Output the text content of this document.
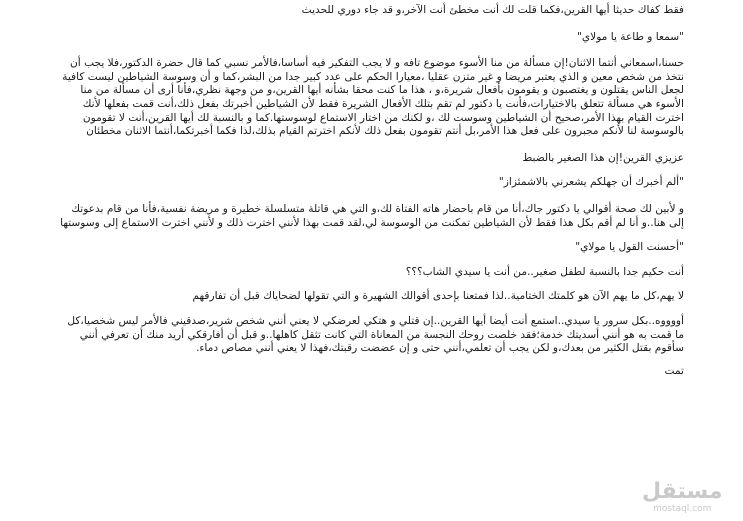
فقط كفاك حديثا أيها القرين،فكما قلت لك أنت مخطئ أنت الآخر،و قد جاء دوري للحديث

"سمعا و طاعة يا مولاي"

حسنا،اسمعاني أنتما الاثنان!إن مسألة من منا الأسوء موضوع تافه و لا يجب التفكير فيه أساسا،فالأمر نسبي كما قال حضرة الدكتور،فلا يجب أن نتخذ من شخص معين و الذي يعتبر مريضا و غير متزن عقليا ،معيارا الحكم على عدد كبير جدا من البشر،كما و أن وسوسة الشياطين ليست كافية لجعل الناس يقتلون و يغتصبون و يقومون بأفعال شريرة،و ، هذا ما كنت محقا بشأنه أيها القرين،و من وجهة نظري،فأنا أرى أن مسألة من منا الأسوء هي مسألة تتعلق بالاختيارات،فأنت يا دكتور لم تقم بتلك الأفعال الشريرة فقط لأن الشياطين أخبرتك بفعل ذلك،أنت قمت بفعلها لأنك اخترت القيام بهذا الأمر،صحيح أن الشياطين وسوست لك ،و لكنك من اختار الاستماع لوسوستها.كما و بالنسبة لك أيها القرين،أنت لا تقومون بالوسوسة لنا لأنكم مجبرون على فعل هذا الأمر،بل أنتم تقومون بفعل ذلك لأنكم اخترتم القيام بذلك،لذا فكما أخبرتكما،أنتما الاثنان مخطئان

عزيزي القرين!إن هذا الصغير بالضبط

"ألم أخبرك أن جهلكم يشعرني بالاشمئزاز"

و لأبين لك صحة أقوالي يا دكتور جاك،أنا من قام باحضار هاته الفتاة لك،و التي هي قاتلة متسلسلة خطيرة و مريضة نفسية،فأنا من قام بدعوتك إلى هنا..و أنا لم أقم بكل هذا فقط لأن الشياطين تمكنت من الوسوسة لي،لقد قمت بهذا لأنني اخترت ذلك و لأنني اخترت الاستماع إلى وسوستها

"أحسنت القول يا مولاي"

أنت حكيم جدا بالنسبة لطفل صغير..من أنت يا سيدي الشاب؟؟؟

لا يهم،كل ما يهم الآن هو كلمتك الختامية..لذا فمتعنا بإحدى أقوالك الشهيرة و التي تقولها لضحاياك قبل أن تفارقهم

أووووه..بكل سرور يا سيدي..استمع أنت أيضا أيها القرين..إن قتلي و هتكي لعرضكي لا يعني أنني شخص شرير،صدقيني فالأمر ليس شخصيا،كل ما قمت به هو أنني أسديتك خدمة؛فقد خلصت روحك النجسة من المعاناة التي كانت تثقل كاهلها..و قبل أن أفارقكي أريد منك أن تعرفي أنني سأقوم بقتل الكثير من بعدك،و لكن يجب أن تعلمي،أنني حتى و إن عضضت رقبتك،فهذا لا يعني أنني مصاص دماء.

تمت

مستقل
mostaql.com
